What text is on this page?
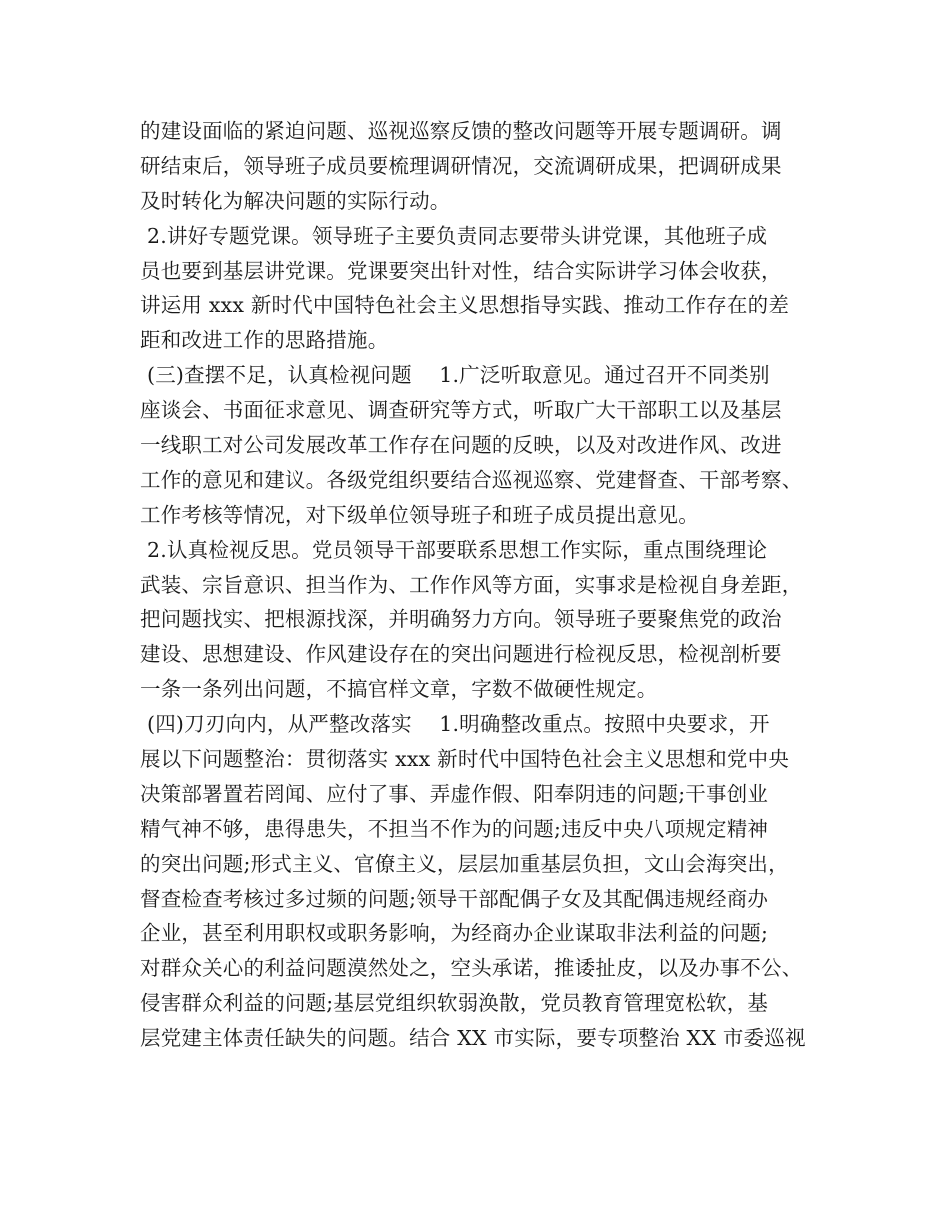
的建设面临的紧迫问题、巡视巡察反馈的整改问题等开展专题调研。调
研结束后，领导班子成员要梳理调研情况，交流调研成果，把调研成果
及时转化为解决问题的实际行动。
2.讲好专题党课。领导班子主要负责同志要带头讲党课，其他班子成
员也要到基层讲党课。党课要突出针对性，结合实际讲学习体会收获，
讲运用 xxx 新时代中国特色社会主义思想指导实践、推动工作存在的差
距和改进工作的思路措施。
(三)查摆不足，认真检视问题　 1.广泛听取意见。通过召开不同类别
座谈会、书面征求意见、调查研究等方式，听取广大干部职工以及基层
一线职工对公司发展改革工作存在问题的反映，以及对改进作风、改进
工作的意见和建议。各级党组织要结合巡视巡察、党建督查、干部考察、
工作考核等情况，对下级单位领导班子和班子成员提出意见。
2.认真检视反思。党员领导干部要联系思想工作实际，重点围绕理论
武装、宗旨意识、担当作为、工作作风等方面，实事求是检视自身差距，
把问题找实、把根源找深，并明确努力方向。领导班子要聚焦党的政治
建设、思想建设、作风建设存在的突出问题进行检视反思，检视剖析要
一条一条列出问题，不搞官样文章，字数不做硬性规定。
(四)刀刃向内，从严整改落实　 1.明确整改重点。按照中央要求，开
展以下问题整治：贯彻落实 xxx 新时代中国特色社会主义思想和党中央
决策部署置若罔闻、应付了事、弄虚作假、阳奉阴违的问题;干事创业
精气神不够，患得患失，不担当不作为的问题;违反中央八项规定精神
的突出问题;形式主义、官僚主义，层层加重基层负担，文山会海突出，
督查检查考核过多过频的问题;领导干部配偶子女及其配偶违规经商办
企业，甚至利用职权或职务影响，为经商办企业谋取非法利益的问题;
对群众关心的利益问题漠然处之，空头承诺，推诿扯皮，以及办事不公、
侵害群众利益的问题;基层党组织软弱涣散，党员教育管理宽松软，基
层党建主体责任缺失的问题。结合 XX 市实际，要专项整治 XX 市委巡视
